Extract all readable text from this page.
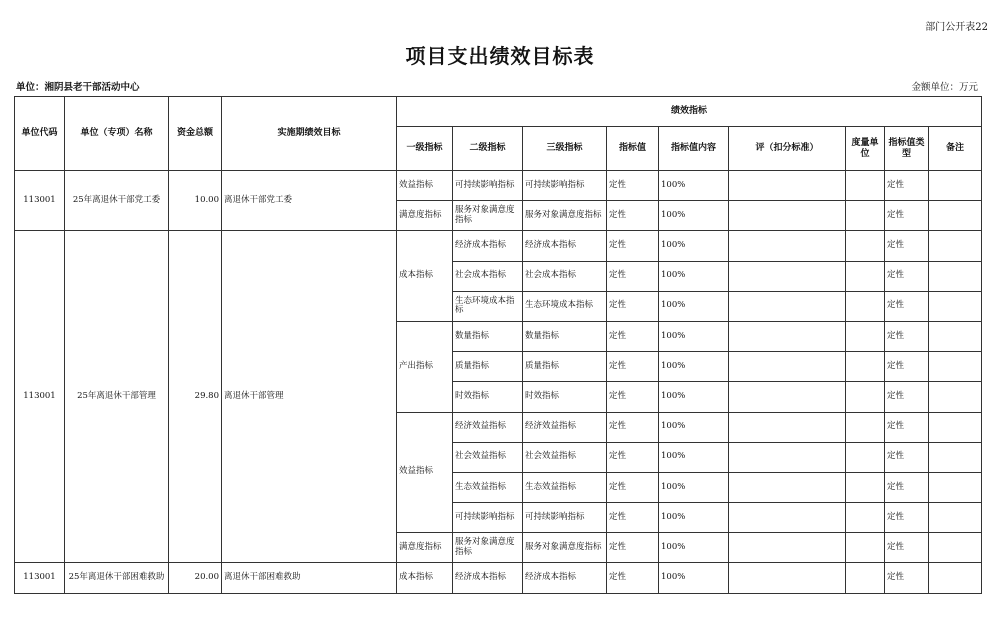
部门公开表22
项目支出绩效目标表
单位：湘阴县老干部活动中心	金额单位：万元
单位代码	单位（专项）名称	资金总额	实施期绩效目标	绩效指标								
				一级指标	二级指标	三级指标	指标值	指标值内容	评（扣分标准）	度量单位	指标值类型	备注
113001	25年离退休干部党工委	10.00	离退休干部党工委	效益指标	可持续影响指标	可持续影响指标	定性	100%			定性	
				满意度指标	服务对象满意度指标	服务对象满意度指标	定性	100%			定性	
113001	25年离退休干部管理	29.80	离退休干部管理	成本指标	经济成本指标	经济成本指标	定性	100%			定性	
					社会成本指标	社会成本指标	定性	100%			定性	
					生态环境成本指标	生态环境成本指标	定性	100%			定性	
				产出指标	数量指标	数量指标	定性	100%			定性	
					质量指标	质量指标	定性	100%			定性	
					时效指标	时效指标	定性	100%			定性	
				效益指标	经济效益指标	经济效益指标	定性	100%			定性	
					社会效益指标	社会效益指标	定性	100%			定性	
					生态效益指标	生态效益指标	定性	100%			定性	
					可持续影响指标	可持续影响指标	定性	100%			定性	
				满意度指标	服务对象满意度指标	服务对象满意度指标	定性	100%			定性	
113001	25年离退休干部困难救助	20.00	离退休干部困难救助	成本指标	经济成本指标	经济成本指标	定性	100%			定性	
